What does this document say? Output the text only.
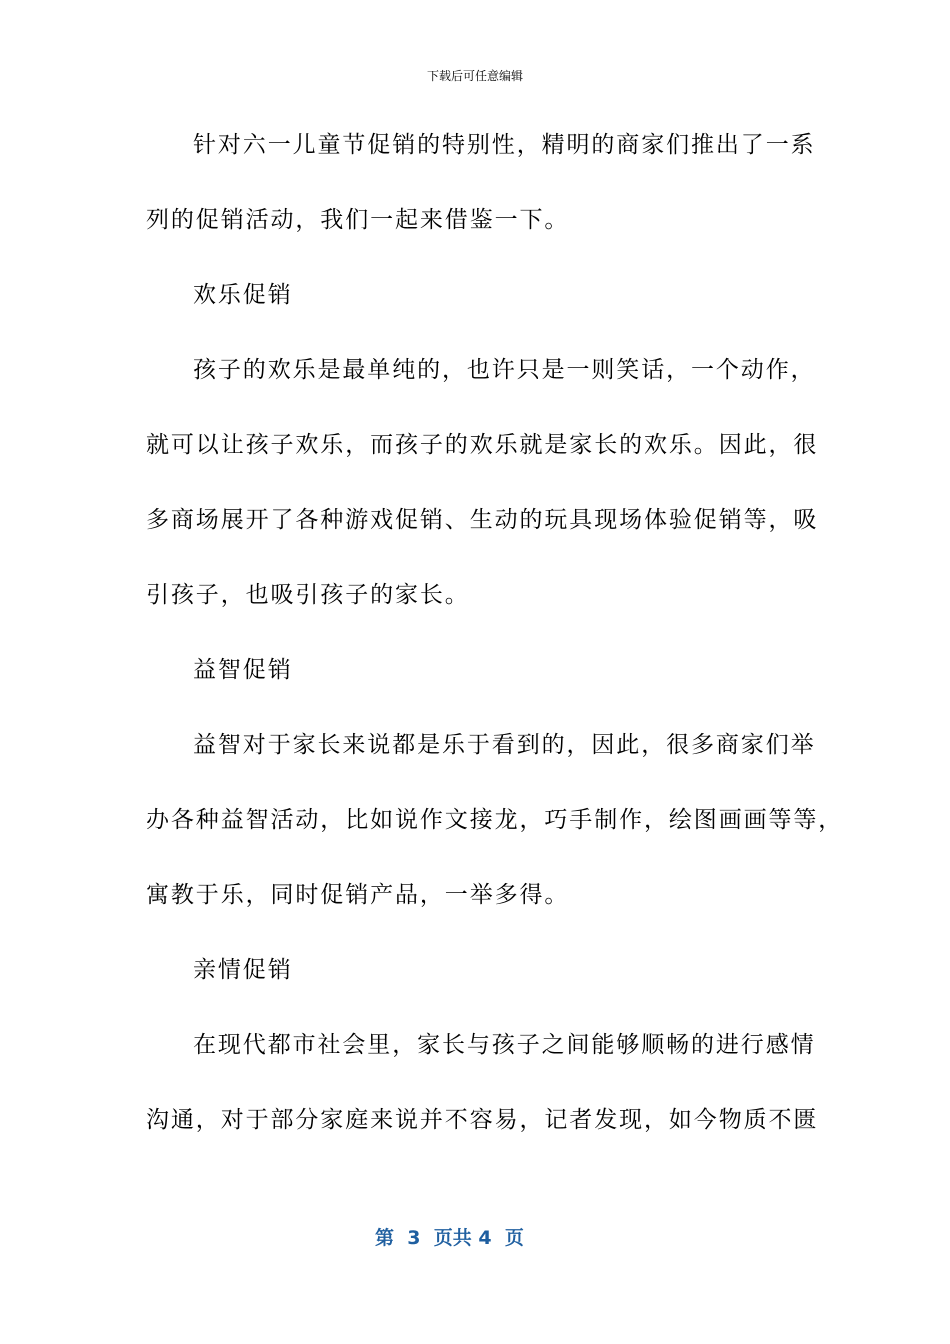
下载后可任意编辑
针对六一儿童节促销的特别性，精明的商家们推出了一系
列的促销活动，我们一起来借鉴一下。
欢乐促销
孩子的欢乐是最单纯的，也许只是一则笑话，一个动作，
就可以让孩子欢乐，而孩子的欢乐就是家长的欢乐。因此，很
多商场展开了各种游戏促销、生动的玩具现场体验促销等，吸
引孩子，也吸引孩子的家长。
益智促销
益智对于家长来说都是乐于看到的，因此，很多商家们举
办各种益智活动，比如说作文接龙，巧手制作，绘图画画等等，
寓教于乐，同时促销产品，一举多得。
亲情促销
在现代都市社会里，家长与孩子之间能够顺畅的进行感情
沟通，对于部分家庭来说并不容易，记者发现，如今物质不匮
第 3 页共 4 页
